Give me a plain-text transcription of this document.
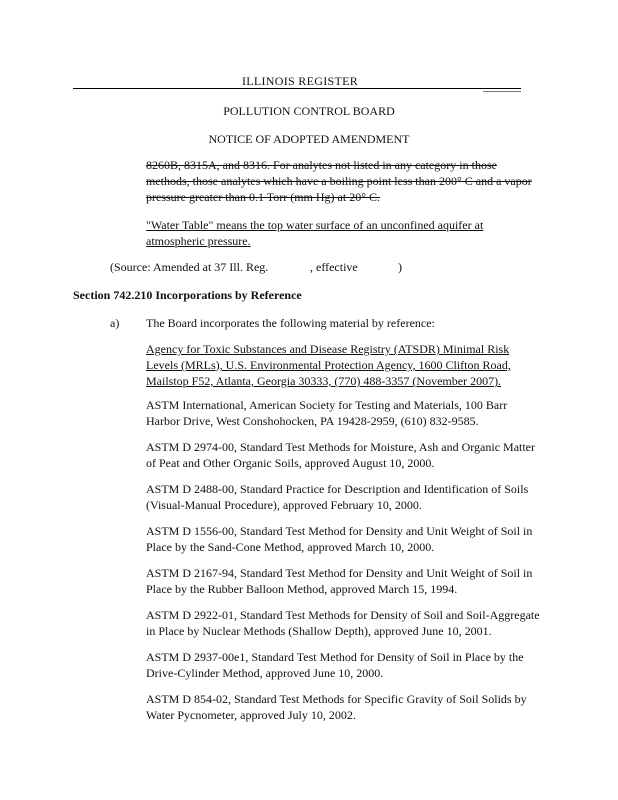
ILLINOIS REGISTER
POLLUTION CONTROL BOARD
NOTICE OF ADOPTED AMENDMENT
8260B, 8315A, and 8316. For analytes not listed in any category in those
methods, those analytes which have a boiling point less than 200° C and a vapor
pressure greater than 0.1 Torr (mm Hg) at 20° C.
"Water Table" means the top water surface of an unconfined aquifer at
atmospheric pressure.
(Source: Amended at 37 Ill. Reg.	, effective	)
Section 742.210 Incorporations by Reference
a) The Board incorporates the following material by reference:
Agency for Toxic Substances and Disease Registry (ATSDR) Minimal Risk
Levels (MRLs), U.S. Environmental Protection Agency, 1600 Clifton Road,
Mailstop F52, Atlanta, Georgia 30333, (770) 488-3357 (November 2007).
ASTM International, American Society for Testing and Materials, 100 Barr
Harbor Drive, West Conshohocken, PA 19428-2959, (610) 832-9585.
ASTM D 2974-00, Standard Test Methods for Moisture, Ash and Organic Matter
of Peat and Other Organic Soils, approved August 10, 2000.
ASTM D 2488-00, Standard Practice for Description and Identification of Soils
(Visual-Manual Procedure), approved February 10, 2000.
ASTM D 1556-00, Standard Test Method for Density and Unit Weight of Soil in
Place by the Sand-Cone Method, approved March 10, 2000.
ASTM D 2167-94, Standard Test Method for Density and Unit Weight of Soil in
Place by the Rubber Balloon Method, approved March 15, 1994.
ASTM D 2922-01, Standard Test Methods for Density of Soil and Soil-Aggregate
in Place by Nuclear Methods (Shallow Depth), approved June 10, 2001.
ASTM D 2937-00e1, Standard Test Method for Density of Soil in Place by the
Drive-Cylinder Method, approved June 10, 2000.
ASTM D 854-02, Standard Test Methods for Specific Gravity of Soil Solids by
Water Pycnometer, approved July 10, 2002.
